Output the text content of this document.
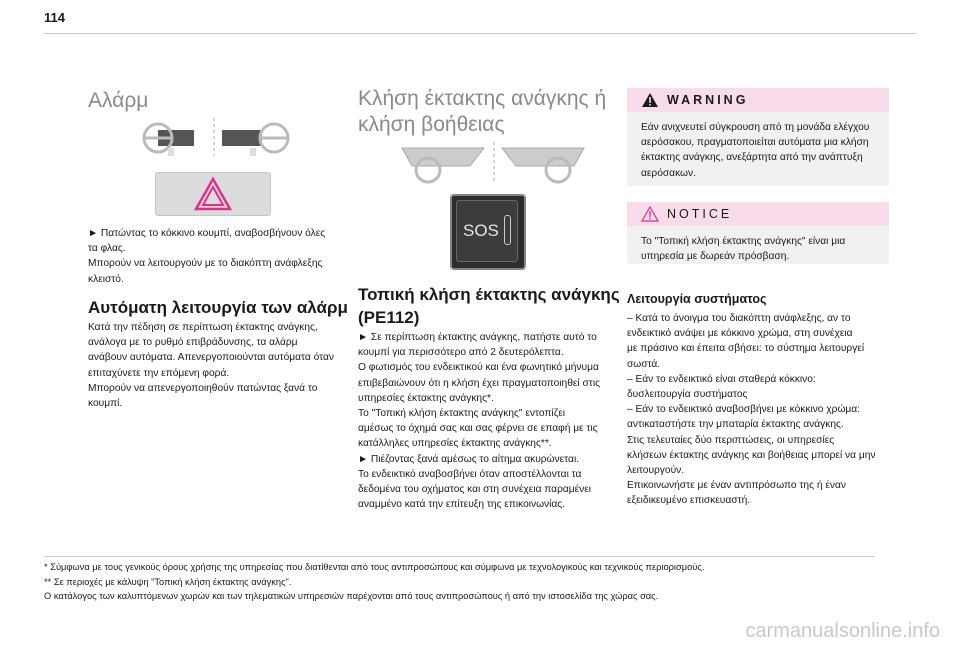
114
Αλάρμ
► Πατώντας το κόκκινο κουμπί, αναβοσβήνουν όλες
τα φλας.
Μπορούν να λειτουργούν με το διακόπτη ανάφλεξης
κλειστό.
Αυτόματη λειτουργία των αλάρμ
Κατά την πέδηση σε περίπτωση έκτακτης ανάγκης,
ανάλογα με το ρυθμό επιβράδυνσης, τα αλάρμ
ανάβουν αυτόματα. Απενεργοποιούνται αυτόματα όταν
επιταχύνετε την επόμενη φορά.
Μπορούν να απενεργοποιηθούν πατώντας ξανά το
κουμπί.
Κλήση έκτακτης ανάγκης ή
κλήση βοήθειας
SOS
Τοπική κλήση έκτακτης ανάγκης
(PE112)
► Σε περίπτωση έκτακτης ανάγκης, πατήστε αυτό το
κουμπί για περισσότερο από 2 δευτερόλεπτα.
Ο φωτισμός του ενδεικτικού και ένα φωνητικό μήνυμα
επιβεβαιώνουν ότι η κλήση έχει πραγματοποιηθεί στις
υπηρεσίες έκτακτης ανάγκης*.
Το "Τοπική κλήση έκτακτης ανάγκης" εντοπίζει
αμέσως το όχημά σας και σας φέρνει σε επαφή με τις
κατάλληλες υπηρεσίες έκτακτης ανάγκης**.
► Πιέζοντας ξανά αμέσως το αίτημα ακυρώνεται.
Το ενδεικτικό αναβοσβήνει όταν αποστέλλονται τα
δεδομένα του οχήματος και στη συνέχεια παραμένει
αναμμένο κατά την επίτευξη της επικοινωνίας.
WARNING
Εάν ανιχνευτεί σύγκρουση από τη μονάδα ελέγχου
αερόσακου, πραγματοποιείται αυτόματα μια κλήση
έκτακτης ανάγκης, ανεξάρτητα από την ανάπτυξη
αερόσακων.
NOTICE
Το "Τοπική κλήση έκτακτης ανάγκης" είναι μια
υπηρεσία με δωρεάν πρόσβαση.
Λειτουργία συστήματος
– Κατά το άνοιγμα του διακόπτη ανάφλεξης, αν το
ενδεικτικό ανάψει με κόκκινο χρώμα, στη συνέχεια
με πράσινο και έπειτα σβήσει: το σύστημα λειτουργεί
σωστά.
– Εάν το ενδεικτικό είναι σταθερά κόκκινο:
δυσλειτουργία συστήματος
– Εάν το ενδεικτικό αναβοσβήνει με κόκκινο χρώμα:
αντικαταστήστε την μπαταρία έκτακτης ανάγκης.
Στις τελευταίες δύο περιπτώσεις, οι υπηρεσίες
κλήσεων έκτακτης ανάγκης και βοήθειας μπορεί να μην
λειτουργούν.
Επικοινωνήστε με έναν αντιπρόσωπο της ή έναν
εξειδικευμένο επισκευαστή.
* Σύμφωνα με τους γενικούς όρους χρήσης της υπηρεσίας που διατίθενται από τους αντιπροσώπους και σύμφωνα με τεχνολογικούς και τεχνικούς περιορισμούς.
** Σε περιοχές με κάλυψη "Τοπική κλήση έκτακτης ανάγκης".
Ο κατάλογος των καλυπτόμενων χωρών και των τηλεματικών υπηρεσιών παρέχονται από τους αντιπροσώπους ή από την ιστοσελίδα της χώρας σας.
carmanualsonline.info
